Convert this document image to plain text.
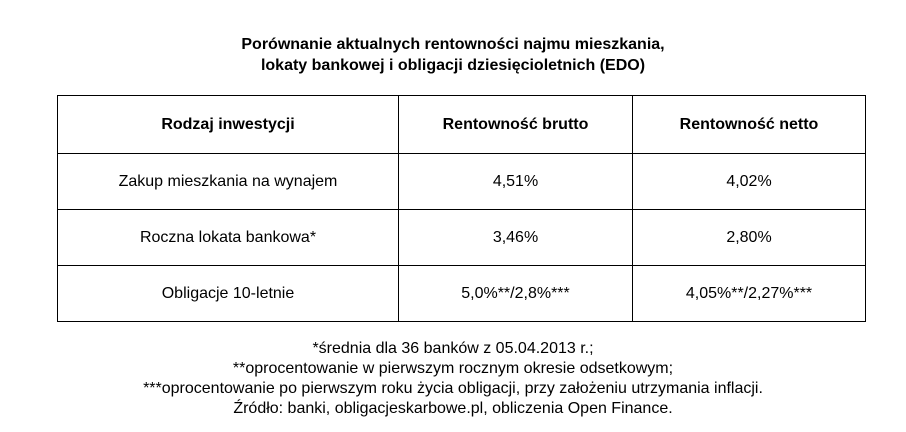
Porównanie aktualnych rentowności najmu mieszkania,
lokaty bankowej i obligacji dziesięcioletnich (EDO)
Rodzaj inwestycji	Rentowność brutto	Rentowność netto
Zakup mieszkania na wynajem	4,51%	4,02%
Roczna lokata bankowa*	3,46%	2,80%
Obligacje 10-letnie	5,0%**/2,8%***	4,05%**/2,27%***
*średnia dla 36 banków z 05.04.2013 r.;
**oprocentowanie w pierwszym rocznym okresie odsetkowym;
***oprocentowanie po pierwszym roku życia obligacji, przy założeniu utrzymania inflacji.
Źródło: banki, obligacjeskarbowe.pl, obliczenia Open Finance.
